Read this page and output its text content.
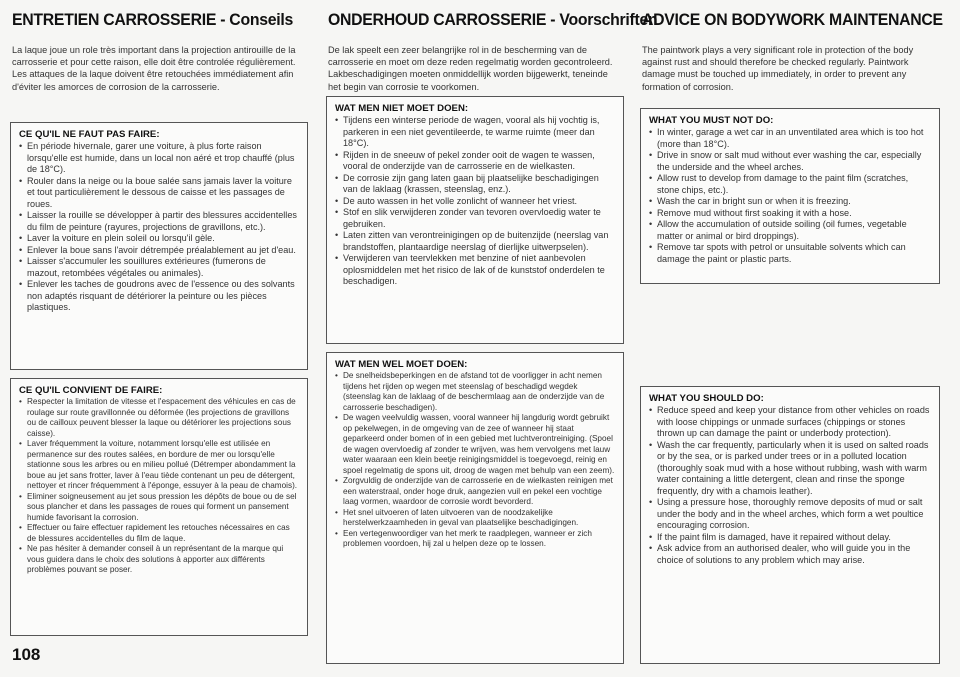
ENTRETIEN CARROSSERIE - Conseils
La laque joue un role très important dans la projection antirouille de la carrosserie et pour cette raison, elle doit être controlée régulièrement. Les attaques de la laque doivent être retouchées immédiatement afin d'éviter les amorces de corrosion de la carrosserie.
CE QU'IL NE FAUT PAS FAIRE:
• En période hivernale, garer une voiture, à plus forte raison lorsqu'elle est humide, dans un local non aéré et trop chauffé (plus de 18°C).
• Rouler dans la neige ou la boue salée sans jamais laver la voiture et tout particulièrement le dessous de caisse et les passages de roues.
• Laisser la rouille se développer à partir des blessures accidentelles du film de peinture (rayures, projections de gravillons, etc.).
• Laver la voiture en plein soleil ou lorsqu'il gèle.
• Enlever la boue sans l'avoir détrempée préalablement au jet d'eau.
• Laisser s'accumuler les souillures extérieures (fumerons de mazout, retombées végétales ou animales).
• Enlever les taches de goudrons avec de l'essence ou des solvants non adaptés risquant de détériorer la peinture ou les pièces plastiques.
CE QU'IL CONVIENT DE FAIRE:
• Respecter la limitation de vitesse et l'espacement des véhicules en cas de roulage sur route gravillonnée ou déformée (les projections de gravillons ou de cailloux peuvent blesser la laque ou détériorer les projections sous caisse).
• Laver fréquemment la voiture, notamment lorsqu'elle est utilisée en permanence sur des routes salées, en bordure de mer ou lorsqu'elle stationne sous les arbres ou en milieu pollué (Détremper abondamment la boue au jet sans frotter, laver à l'eau tiède contenant un peu de détergent, nettoyer et rincer fréquemment à l'éponge, essuyer à la peau de chamois).
• Eliminer soigneusement au jet sous pression les dépôts de boue ou de sel sous plancher et dans les passages de roues qui forment un pansement humide favorisant la corrosion.
• Effectuer ou faire effectuer rapidement les retouches nécessaires en cas de blessures accidentelles du film de laque.
• Ne pas hésiter à demander conseil à un représentant de la marque qui vous guidera dans le choix des solutions à apporter aux différents problèmes pouvant se poser.
ONDERHOUD CARROSSERIE - Voorschriften
De lak speelt een zeer belangrijke rol in de bescherming van de carrosserie en moet om deze reden regelmatig worden gecontroleerd. Lakbeschadigingen moeten onmiddellijk worden bijgewerkt, teneinde het begin van corrosie te voorkomen.
WAT MEN NIET MOET DOEN:
• Tijdens een winterse periode de wagen, vooral als hij vochtig is, parkeren in een niet geventileerde, te warme ruimte (meer dan 18°C).
• Rijden in de sneeuw of pekel zonder ooit de wagen te wassen, vooral de onderzijde van de carrosserie en de wielkasten.
• De corrosie zijn gang laten gaan bij plaatselijke beschadigingen van de laklaag (krassen, steenslag, enz.).
• De auto wassen in het volle zonlicht of wanneer het vriest.
• Stof en slik verwijderen zonder van tevoren overvloedig water te gebruiken.
• Laten zitten van verontreinigingen op de buitenzijde (neerslag van brandstoffen, plantaardige neerslag of dierlijke uitwerpselen).
• Verwijderen van teervlekken met benzine of niet aanbevolen oplosmiddelen met het risico de lak of de kunststof onderdelen te beschadigen.
WAT MEN WEL MOET DOEN:
• De snelheidsbeperkingen en de afstand tot de voorligger in acht nemen tijdens het rijden op wegen met steenslag of beschadigd wegdek (steenslag kan de laklaag of de beschermlaag aan de onderzijde van de carrosserie beschadigen).
• De wagen veelvuldig wassen, vooral wanneer hij langdurig wordt gebruikt op pekelwegen, in de omgeving van de zee of wanneer hij staat geparkeerd onder bomen of in een gebied met luchtverontreiniging. (Spoel de wagen overvloedig af zonder te wrijven, was hem vervolgens met lauw water waaraan een klein beetje reinigingsmiddel is toegevoegd, reinig en spoel regelmatig de spons uit, droog de wagen met behulp van een zeem).
• Zorgvuldig de onderzijde van de carrosserie en de wielkasten reinigen met een waterstraal, onder hoge druk, aangezien vuil en pekel een vochtige laag vormen, waardoor de corrosie wordt bevorderd.
• Het snel uitvoeren of laten uitvoeren van de noodzakelijke herstelwerkzaamheden in geval van plaatselijke beschadigingen.
• Een vertegenwoordiger van het merk te raadplegen, wanneer er zich problemen voordoen, hij zal u helpen deze op te lossen.
ADVICE ON BODYWORK MAINTENANCE
The paintwork plays a very significant role in protection of the body against rust and should therefore be checked regularly. Paintwork damage must be touched up immediately, in order to prevent any formation of corrosion.
WHAT YOU MUST NOT DO:
• In winter, garage a wet car in an unventilated area which is too hot (more than 18°C).
• Drive in snow or salt mud without ever washing the car, especially the underside and the wheel arches.
• Allow rust to develop from damage to the paint film (scratches, stone chips, etc.).
• Wash the car in bright sun or when it is freezing.
• Remove mud without first soaking it with a hose.
• Allow the accumulation of outside soiling (oil fumes, vegetable matter or animal or bird droppings).
• Remove tar spots with petrol or unsuitable solvents which can damage the paint or plastic parts.
WHAT YOU SHOULD DO:
• Reduce speed and keep your distance from other vehicles on roads with loose chippings or unmade surfaces (chippings or stones thrown up can damage the paint or underbody protection).
• Wash the car frequently, particularly when it is used on salted roads or by the sea, or is parked under trees or in a polluted location (thoroughly soak mud with a hose without rubbing, wash with warm water containing a little detergent, clean and rinse the sponge frequently, dry with a chamois leather).
• Using a pressure hose, thoroughly remove deposits of mud or salt under the body and in the wheel arches, which form a wet poultice encouraging corrosion.
• If the paint film is damaged, have it repaired without delay.
• Ask advice from an authorised dealer, who will guide you in the choice of solutions to any problem which may arise.
108
